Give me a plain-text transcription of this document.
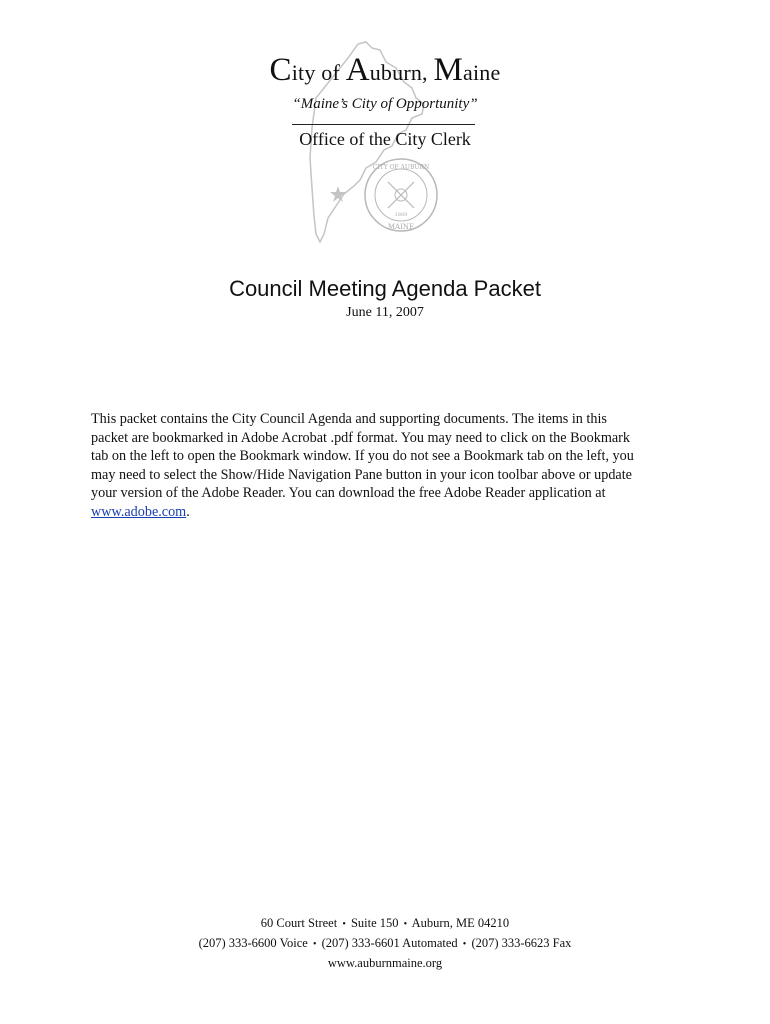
CITY OF AUBURN
MAINE
1869
City of Auburn, Maine
“Maine’s City of Opportunity”
Office of the City Clerk
Council Meeting Agenda Packet
June 11, 2007

This packet contains the City Council Agenda and supporting documents. The items in this
packet are bookmarked in Adobe Acrobat .pdf format. You may need to click on the Bookmark
tab on the left to open the Bookmark window. If you do not see a Bookmark tab on the left, you
may need to select the Show/Hide Navigation Pane button in your icon toolbar above or update
your version of the Adobe Reader. You can download the free Adobe Reader application at
www.adobe.com.

60 Court Street • Suite 150 • Auburn, ME 04210
(207) 333-6600 Voice • (207) 333-6601 Automated • (207) 333-6623 Fax
www.auburnmaine.org
